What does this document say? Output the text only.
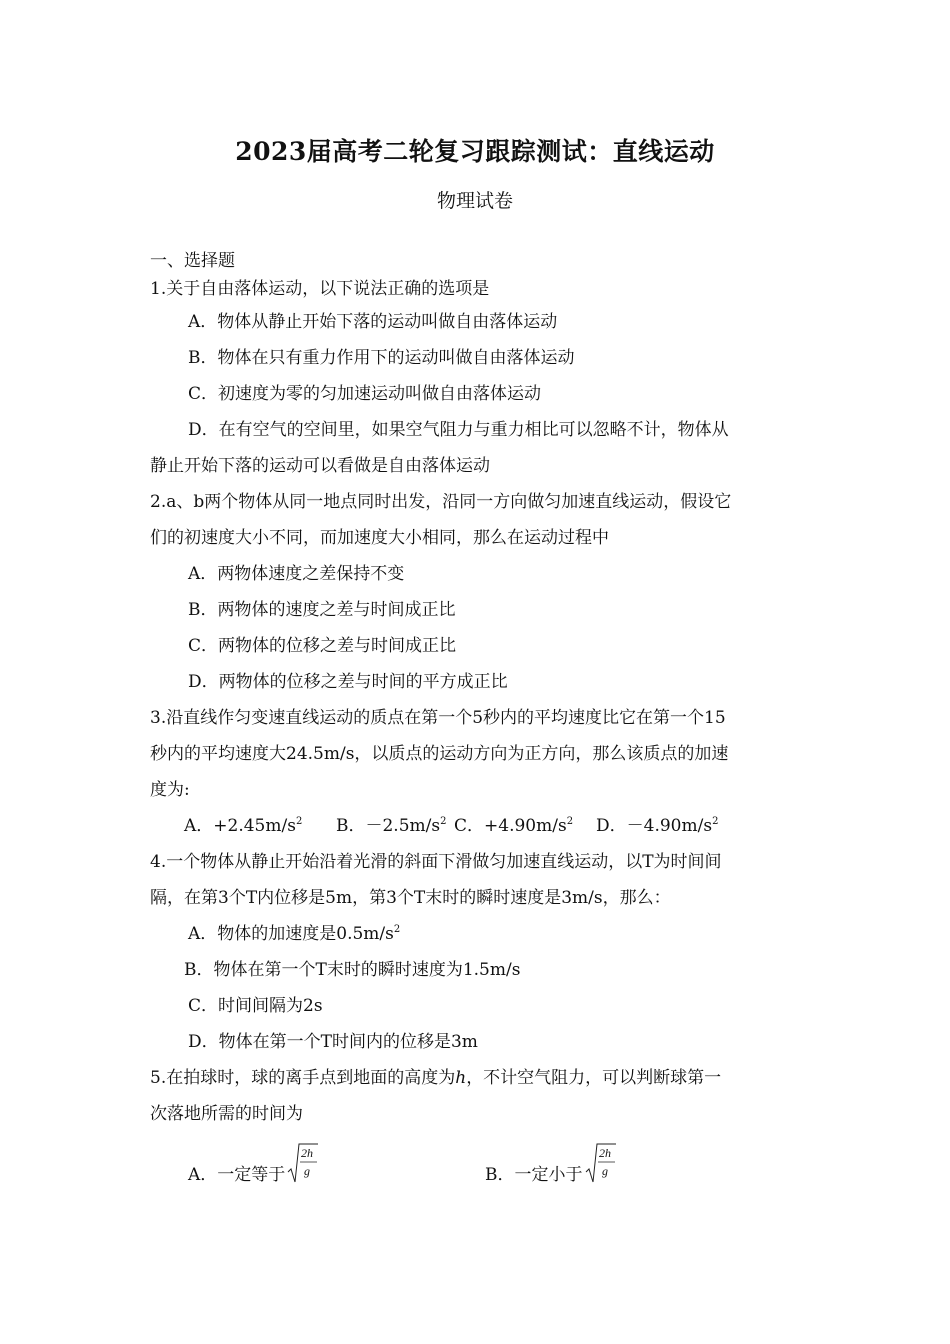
2023届高考二轮复习跟踪测试：直线运动
物理试卷

一、选择题

1.关于自由落体运动，以下说法正确的选项是

A．物体从静止开始下落的运动叫做自由落体运动

B．物体在只有重力作用下的运动叫做自由落体运动

C．初速度为零的匀加速运动叫做自由落体运动

D．在有空气的空间里，如果空气阻力与重力相比可以忽略不计，物体从

静止开始下落的运动可以看做是自由落体运动

2.a、b两个物体从同一地点同时出发，沿同一方向做匀加速直线运动，假设它

们的初速度大小不同，而加速度大小相同，那么在运动过程中

A．两物体速度之差保持不变

B．两物体的速度之差与时间成正比

C．两物体的位移之差与时间成正比

D．两物体的位移之差与时间的平方成正比

3.沿直线作匀变速直线运动的质点在第一个5秒内的平均速度比它在第一个15

秒内的平均速度大24.5m/s，以质点的运动方向为正方向，那么该质点的加速

度为:

A．$+2.45m/s^2$ B．$-2.5m/s^2$ C．$+4.90m/s^2$ D．$-4.90m/s^2$

4.一个物体从静止开始沿着光滑的斜面下滑做匀加速直线运动，以T为时间间

隔，在第3个T内位移是5m，第3个T末时的瞬时速度是3m/s，那么：

A．物体的加速度是$0.5m/s^2$

B．物体在第一个T末时的瞬时速度为1.5m/s

C．时间间隔为2s

D．物体在第一个T时间内的位移是3m

5.在拍球时，球的离手点到地面的高度为h，不计空气阻力，可以判断球第一

次落地所需的时间为

A．一定等于
2h
g	B．一定小于
2h
g
